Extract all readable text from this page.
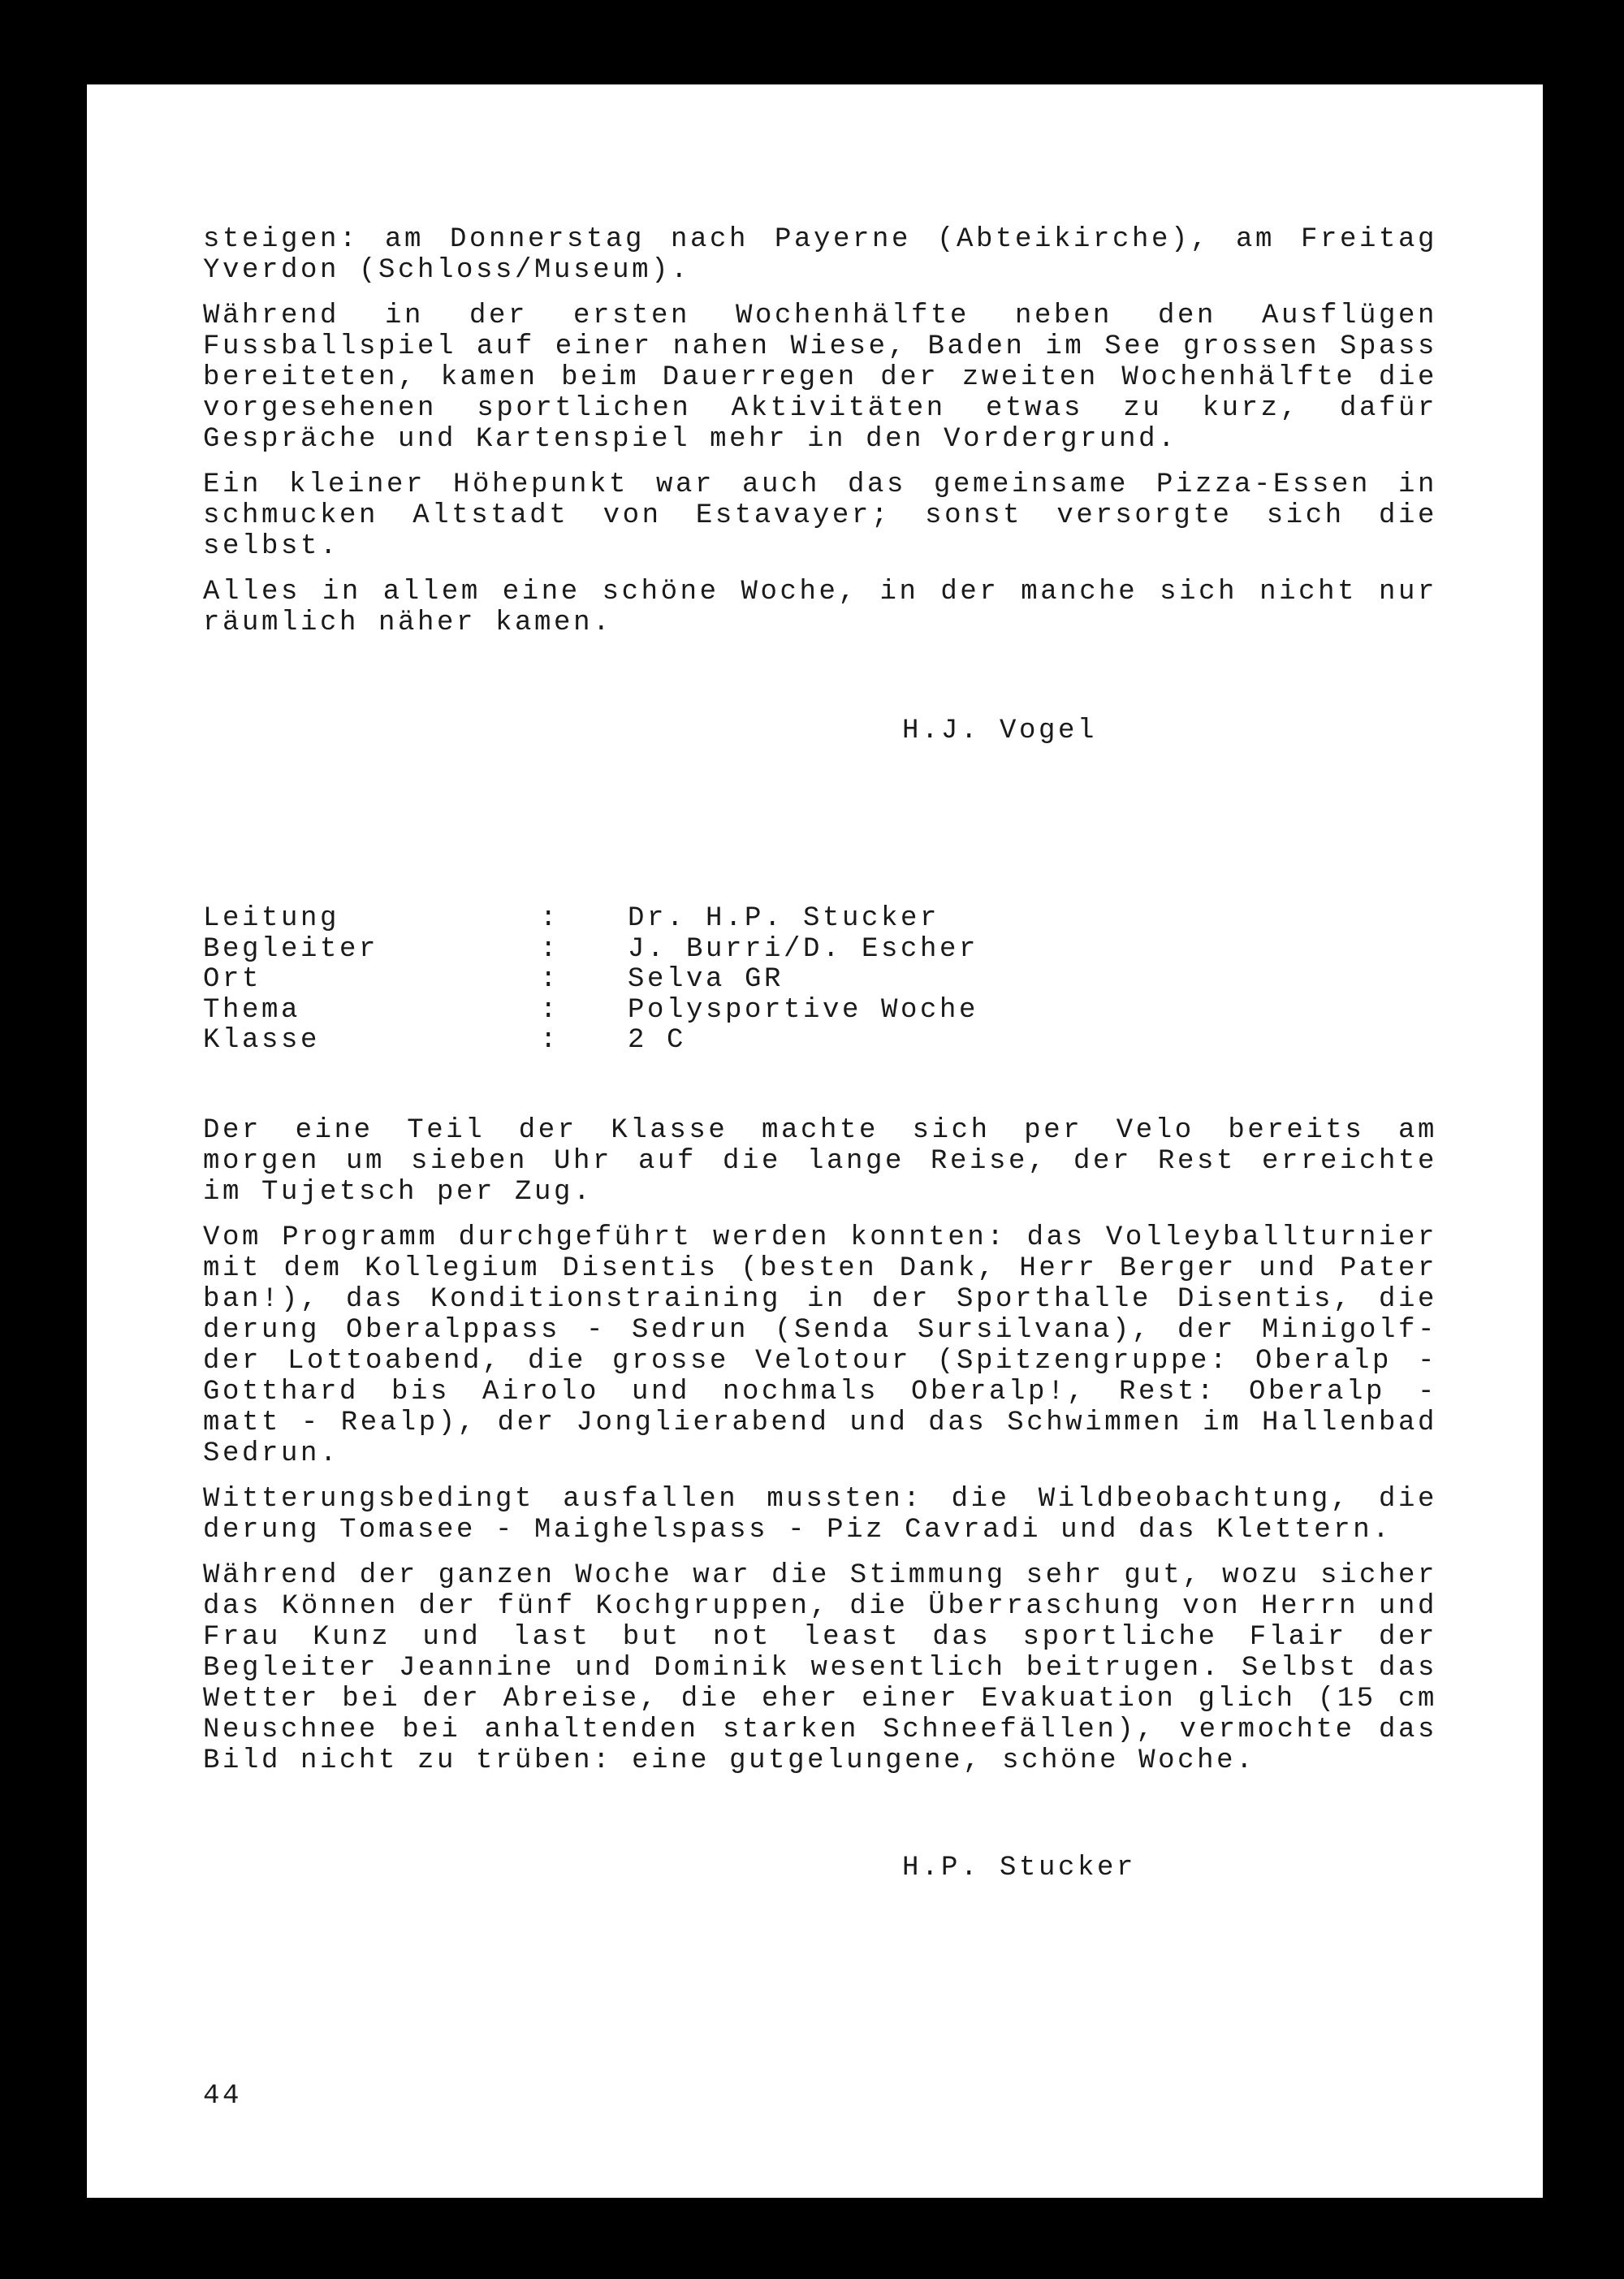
steigen: am Donnerstag nach Payerne (Abteikirche), am Freitag
Yverdon (Schloss/Museum).
Während in der ersten Wochenhälfte neben den Ausflügen
Fussballspiel auf einer nahen Wiese, Baden im See grossen Spass
bereiteten, kamen beim Dauerregen der zweiten Wochenhälfte die
vorgesehenen sportlichen Aktivitäten etwas zu kurz, dafür
Gespräche und Kartenspiel mehr in den Vordergrund.
Ein kleiner Höhepunkt war auch das gemeinsame Pizza-Essen in
schmucken Altstadt von Estavayer; sonst versorgte sich die
selbst.
Alles in allem eine schöne Woche, in der manche sich nicht nur
räumlich näher kamen.
H.J. Vogel
Leitung	: Dr. H.P. Stucker
Begleiter	: J. Burri/D. Escher
Ort	: Selva GR
Thema	: Polysportive Woche
Klasse	: 2 C
Der eine Teil der Klasse machte sich per Velo bereits am
morgen um sieben Uhr auf die lange Reise, der Rest erreichte
im Tujetsch per Zug.
Vom Programm durchgeführt werden konnten: das Volleyballturnier
mit dem Kollegium Disentis (besten Dank, Herr Berger und Pater
ban!), das Konditionstraining in der Sporthalle Disentis, die
derung Oberalppass - Sedrun (Senda Sursilvana), der Minigolf-
der Lottoabend, die grosse Velotour (Spitzengruppe: Oberalp -
Gotthard bis Airolo und nochmals Oberalp!, Rest: Oberalp -
matt - Realp), der Jonglierabend und das Schwimmen im Hallenbad
Sedrun.
Witterungsbedingt ausfallen mussten: die Wildbeobachtung, die
derung Tomasee - Maighelspass - Piz Cavradi und das Klettern.
Während der ganzen Woche war die Stimmung sehr gut, wozu sicher
das Können der fünf Kochgruppen, die Überraschung von Herrn und
Frau Kunz und last but not least das sportliche Flair der
Begleiter Jeannine und Dominik wesentlich beitrugen. Selbst das
Wetter bei der Abreise, die eher einer Evakuation glich (15 cm
Neuschnee bei anhaltenden starken Schneefällen), vermochte das
Bild nicht zu trüben: eine gutgelungene, schöne Woche.
H.P. Stucker
44
